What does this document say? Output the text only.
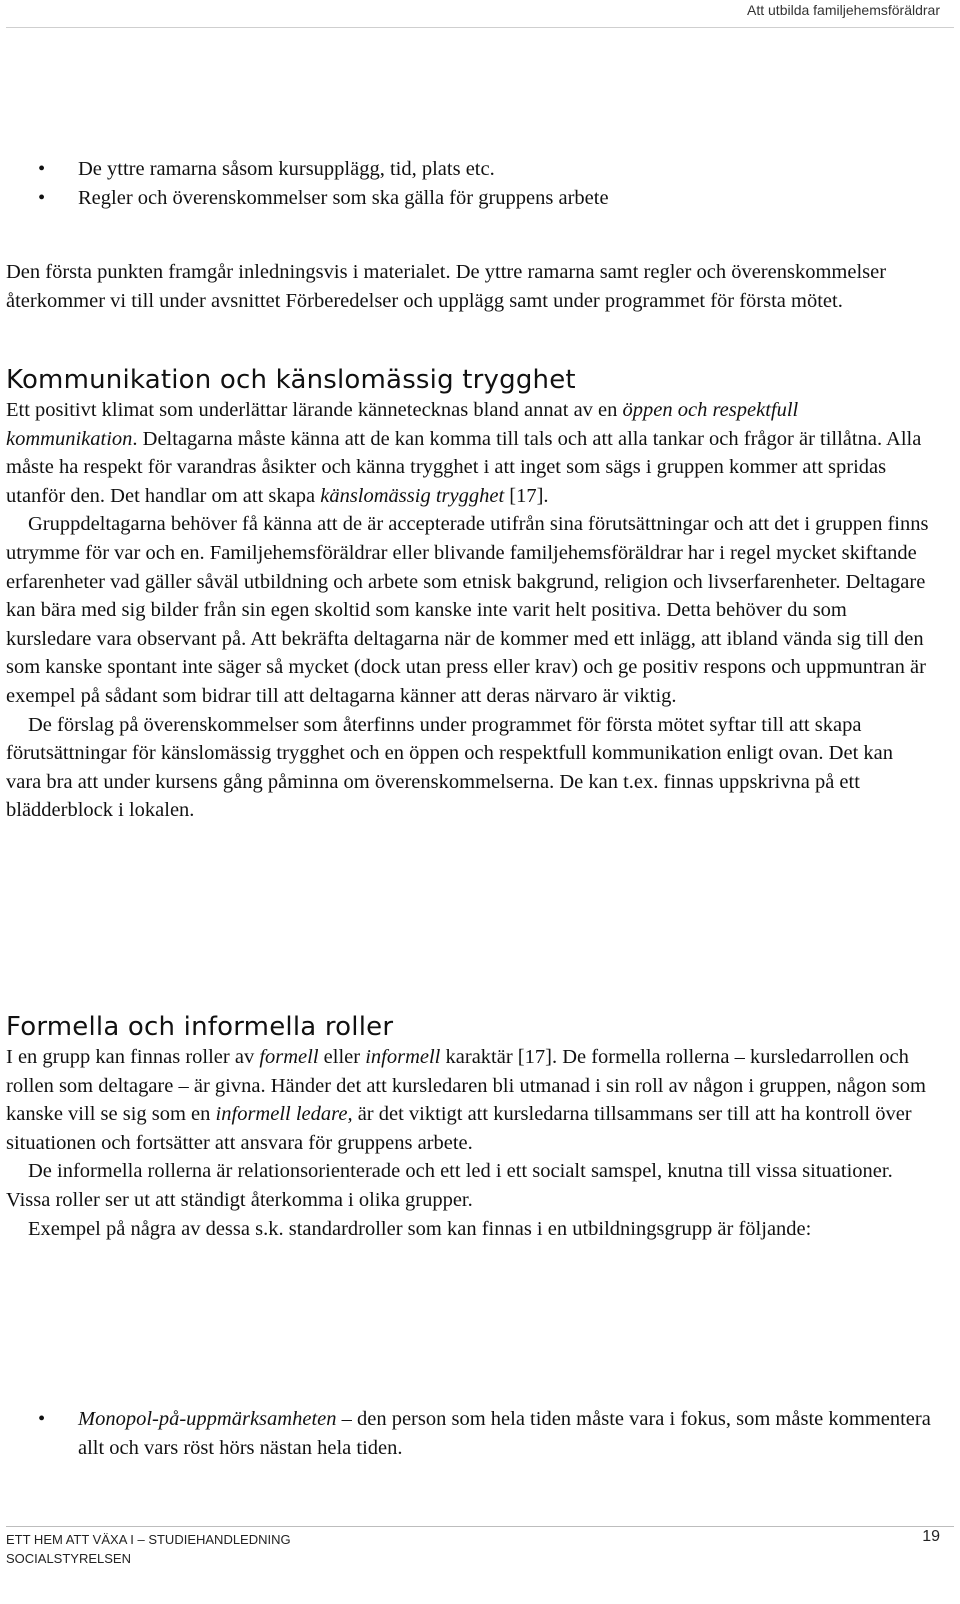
Att utbilda familjehemsföräldrar
• De yttre ramarna såsom kursupplägg, tid, plats etc.
• Regler och överenskommelser som ska gälla för gruppens arbete

Den första punkten framgår inledningsvis i materialet. De yttre ramarna samt regler och överenskommelser återkommer vi till under avsnittet Förberedelser och upplägg samt under programmet för första mötet.

Kommunikation och känslomässig trygghet

Ett positivt klimat som underlättar lärande kännetecknas bland annat av en öppen och respektfull kommunikation. Deltagarna måste känna att de kan komma till tals och att alla tankar och frågor är tillåtna. Alla måste ha respekt för varandras åsikter och känna trygghet i att inget som sägs i gruppen kommer att spridas utanför den. Det handlar om att skapa känslomässig trygghet [17].

Gruppdeltagarna behöver få känna att de är accepterade utifrån sina förutsättningar och att det i gruppen finns utrymme för var och en. Familjehemsföräldrar eller blivande familjehemsföräldrar har i regel mycket skiftande erfarenheter vad gäller såväl utbildning och arbete som etnisk bakgrund, religion och livserfarenheter. Deltagare kan bära med sig bilder från sin egen skoltid som kanske inte varit helt positiva. Detta behöver du som kursledare vara observant på. Att bekräfta deltagarna när de kommer med ett inlägg, att ibland vända sig till den som kanske spontant inte säger så mycket (dock utan press eller krav) och ge positiv respons och uppmuntran är exempel på sådant som bidrar till att deltagarna känner att deras närvaro är viktig.

De förslag på överenskommelser som återfinns under programmet för första mötet syftar till att skapa förutsättningar för känslomässig trygghet och en öppen och respektfull kommunikation enligt ovan. Det kan vara bra att under kursens gång påminna om överenskommelserna. De kan t.ex. finnas uppskrivna på ett blädderblock i lokalen.

Formella och informella roller

I en grupp kan finnas roller av formell eller informell karaktär [17]. De formella rollerna – kursledarrollen och rollen som deltagare – är givna. Händer det att kursledaren bli utmanad i sin roll av någon i gruppen, någon som kanske vill se sig som en informell ledare, är det viktigt att kursledarna tillsammans ser till att ha kontroll över situationen och fortsätter att ansvara för gruppens arbete.

De informella rollerna är relationsorienterade och ett led i ett socialt samspel, knutna till vissa situationer. Vissa roller ser ut att ständigt återkomma i olika grupper.

Exempel på några av dessa s.k. standardroller som kan finnas i en utbildningsgrupp är följande:

• Monopol-på-uppmärksamheten – den person som hela tiden måste vara i fokus, som måste kommentera allt och vars röst hörs nästan hela tiden.
ETT HEM ATT VÄXA I – STUDIEHANDLEDNING
SOCIALSTYRELSEN
19
